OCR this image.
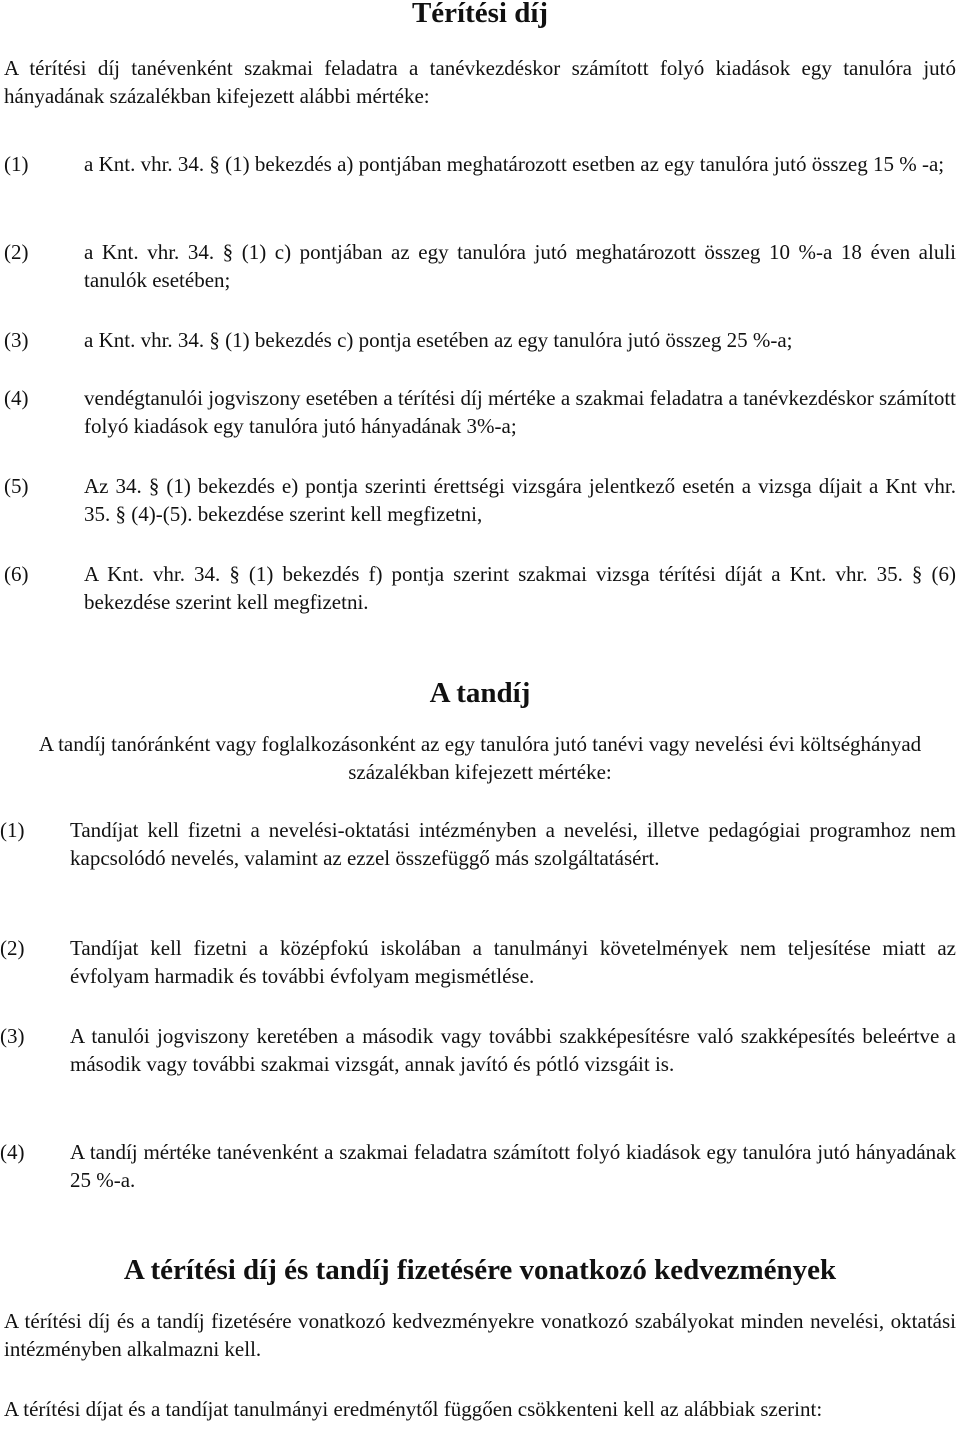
Térítési díj
A térítési díj tanévenként szakmai feladatra a tanévkezdéskor számított folyó kiadások egy tanulóra jutó hányadának százalékban kifejezett alábbi mértéke:
(1)	a Knt. vhr. 34. § (1) bekezdés a) pontjában meghatározott esetben az egy tanulóra jutó összeg 15 % -a;
(2)	a Knt. vhr. 34. § (1) c) pontjában az egy tanulóra jutó meghatározott összeg 10 %-a 18 éven aluli tanulók esetében;
(3)	a Knt. vhr. 34. § (1) bekezdés c) pontja esetében az egy tanulóra jutó összeg 25 %-a;
(4)	vendégtanulói jogviszony esetében a térítési díj mértéke a szakmai feladatra a tanévkezdéskor számított folyó kiadások egy tanulóra jutó hányadának 3%-a;
(5)	Az 34. § (1) bekezdés e) pontja szerinti érettségi vizsgára jelentkező esetén a vizsga díjait a Knt vhr. 35. § (4)-(5). bekezdése szerint kell megfizetni,
(6)	A Knt. vhr. 34. § (1) bekezdés f) pontja szerint szakmai vizsga térítési díját a Knt. vhr. 35. § (6) bekezdése szerint kell megfizetni.
A tandíj
A tandíj tanóránként vagy foglalkozásonként az egy tanulóra jutó tanévi vagy nevelési évi költséghányad százalékban kifejezett mértéke:
(1) Tandíjat kell fizetni a nevelési-oktatási intézményben a nevelési, illetve pedagógiai programhoz nem kapcsolódó nevelés, valamint az ezzel összefüggő más szolgáltatásért.
(2) Tandíjat kell fizetni a középfokú iskolában a tanulmányi követelmények nem teljesítése miatt az évfolyam harmadik és további évfolyam megismétlése.
(3) A tanulói jogviszony keretében a második vagy további szakképesítésre való szakképesítés beleértve a második vagy további szakmai vizsgát, annak javító és pótló vizsgáit is.
(4) A tandíj mértéke tanévenként a szakmai feladatra számított folyó kiadások egy tanulóra jutó hányadának 25 %-a.
A térítési díj és tandíj fizetésére vonatkozó kedvezmények
A térítési díj és a tandíj fizetésére vonatkozó kedvezményekre vonatkozó szabályokat minden nevelési, oktatási intézményben alkalmazni kell.
A térítési díjat és a tandíjat tanulmányi eredménytől függően csökkenteni kell az alábbiak szerint:
